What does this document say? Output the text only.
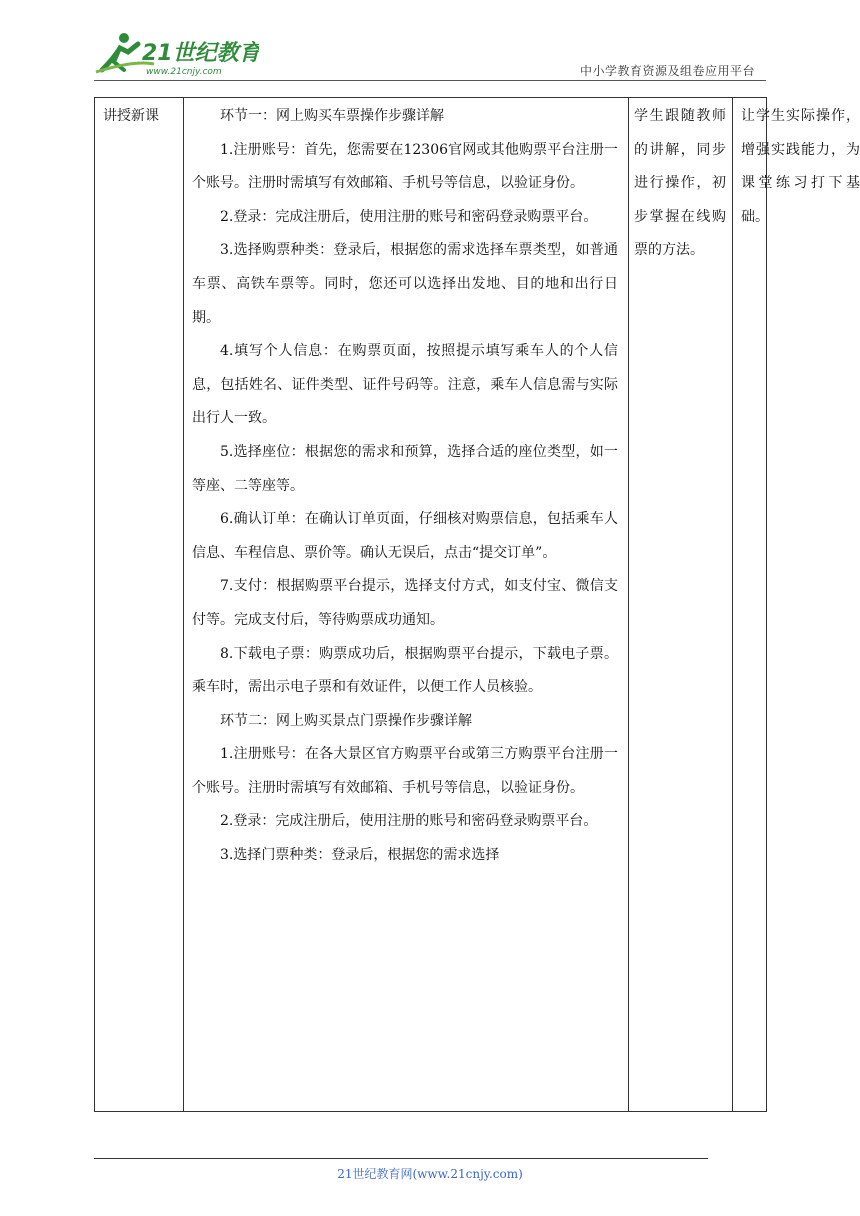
21世纪教育
www.21cnjy.com	中小学教育资源及组卷应用平台
讲授新课	环节一：网上购买车票操作步骤详解

1.注册账号：首先，您需要在12306官网或其他购票平台注册一个账号。注册时需填写有效邮箱、手机号等信息，以验证身份。

2.登录：完成注册后，使用注册的账号和密码登录购票平台。

3.选择购票种类：登录后，根据您的需求选择车票类型，如普通车票、高铁车票等。同时，您还可以选择出发地、目的地和出行日期。

4.填写个人信息：在购票页面，按照提示填写乘车人的个人信息，包括姓名、证件类型、证件号码等。注意，乘车人信息需与实际出行人一致。

5.选择座位：根据您的需求和预算，选择合适的座位类型，如一等座、二等座等。

6.确认订单：在确认订单页面，仔细核对购票信息，包括乘车人信息、车程信息、票价等。确认无误后，点击“提交订单”。

7.支付：根据购票平台提示，选择支付方式，如支付宝、微信支付等。完成支付后，等待购票成功通知。

8.下载电子票：购票成功后，根据购票平台提示，下载电子票。乘车时，需出示电子票和有效证件，以便工作人员核验。

环节二：网上购买景点门票操作步骤详解

1.注册账号：在各大景区官方购票平台或第三方购票平台注册一个账号。注册时需填写有效邮箱、手机号等信息，以验证身份。

2.登录：完成注册后，使用注册的账号和密码登录购票平台。

3.选择门票种类：登录后，根据您的需求选择

学生跟随教师的讲解，同步进行操作，初步掌握在线购票的方法。
让学生实际操作，增强实践能力，为课堂练习打下基础。
21世纪教育网(www.21cnjy.com)
